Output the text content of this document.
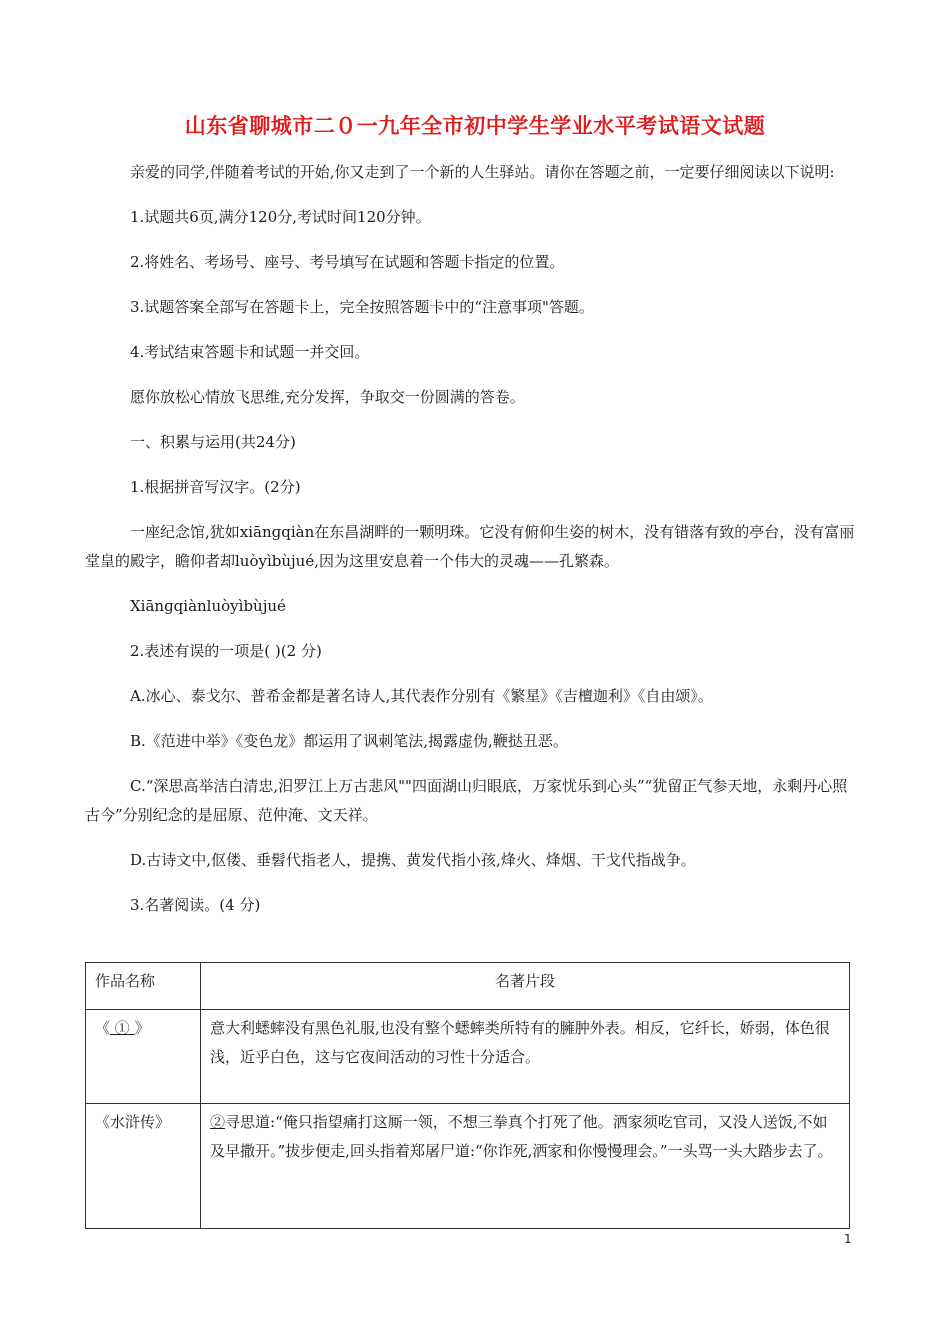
山东省聊城市二０一九年全市初中学生学业水平考试语文试题

亲爱的同学,伴随着考试的开始,你又走到了一个新的人生驿站。请你在答题之前，一定要仔细阅读以下说明:

1.试题共6页,满分120分,考试时间120分钟。

2.将姓名、考场号、座号、考号填写在试题和答题卡指定的位置。

3.试题答案全部写在答题卡上，完全按照答题卡中的“注意事项"答题。

4.考试结束答题卡和试题一并交回。

愿你放松心情放飞思维,充分发挥，争取交一份圆满的答卷。

一、积累与运用(共24分)

1.根据拼音写汉字。(2分)

一座纪念馆,犹如xiānɡqiàn在东昌湖畔的一颗明珠。它没有俯仰生姿的树木，没有错落有致的亭台，没有富丽堂皇的殿字，瞻仰者却luòyìbùjué,因为这里安息着一个伟大的灵魂——孔繁森。

Xiānɡqiànluòyìbùjué

2.表述有误的一项是( )(2 分)

A.冰心、泰戈尔、普希金都是著名诗人,其代表作分别有《繁星》《吉檀迦利》《自由颂》。

B.《范进中举》《变色龙》都运用了讽刺笔法,揭露虚伪,鞭挞丑恶。

C.“深思高举洁白清忠,汨罗江上万古悲风""四面湖山归眼底，万家忧乐到心头”“犹留正气参天地，永剩丹心照古今”分别纪念的是屈原、范仲淹、文天祥。

D.古诗文中,伛偻、垂髫代指老人，提携、黄发代指小孩,烽火、烽烟、干戈代指战争。

3.名著阅读。(4 分)

作品名称	名著片段
《 ① 》	意大利蟋蟀没有黑色礼服,也没有整个蟋蟀类所特有的臃肿外表。相反，它纤长，娇弱，体色很浅，近乎白色，这与它夜间活动的习性十分适合。
《水浒传》	②寻思道:“俺只指望痛打这厮一领，不想三拳真个打死了他。洒家须吃官司，又没人送饭,不如及早撒开。”拔步便走,回头指着郑屠尸道:“你诈死,洒家和你慢慢理会。”一头骂一头大踏步去了。
1
